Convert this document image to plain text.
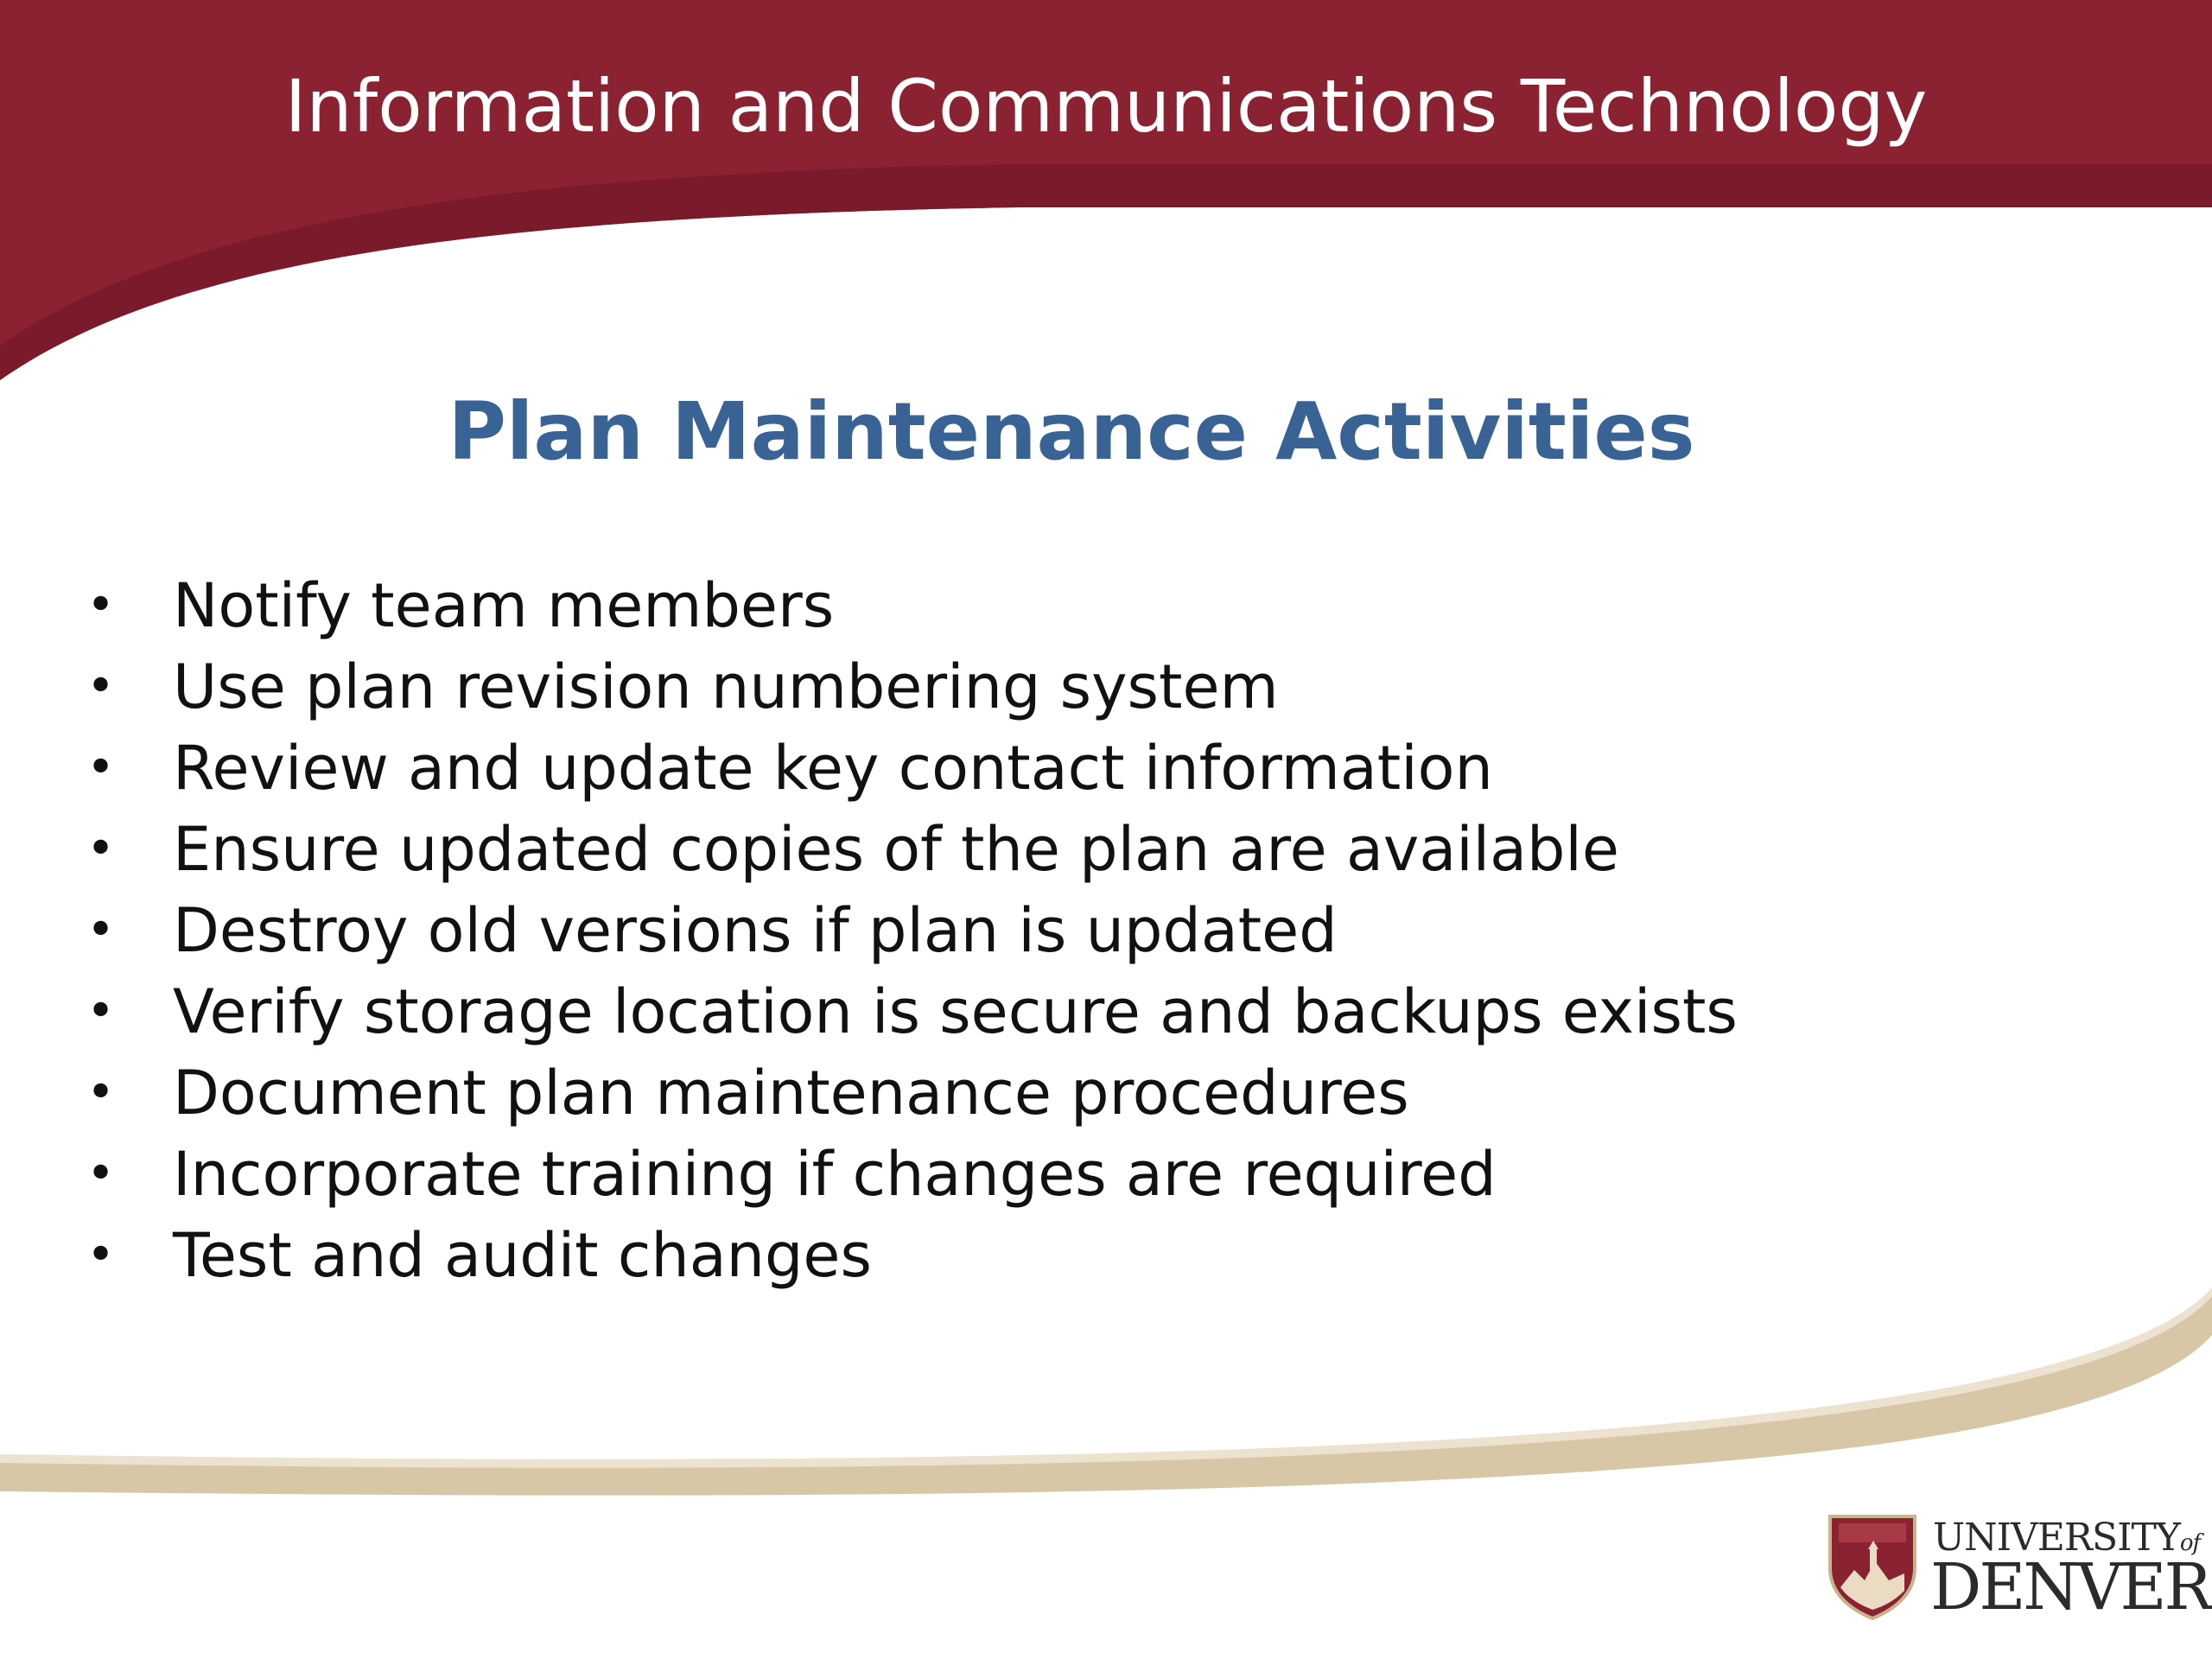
Information and Communications Technology
Plan Maintenance Activities
• Notify team members
• Use plan revision numbering system
• Review and update key contact information
• Ensure updated copies of the plan are available
• Destroy old versions if plan is updated
• Verify storage location is secure and backups exists
• Document plan maintenance procedures
• Incorporate training if changes are required
• Test and audit changes
UNIVERSITYof
DENVER
